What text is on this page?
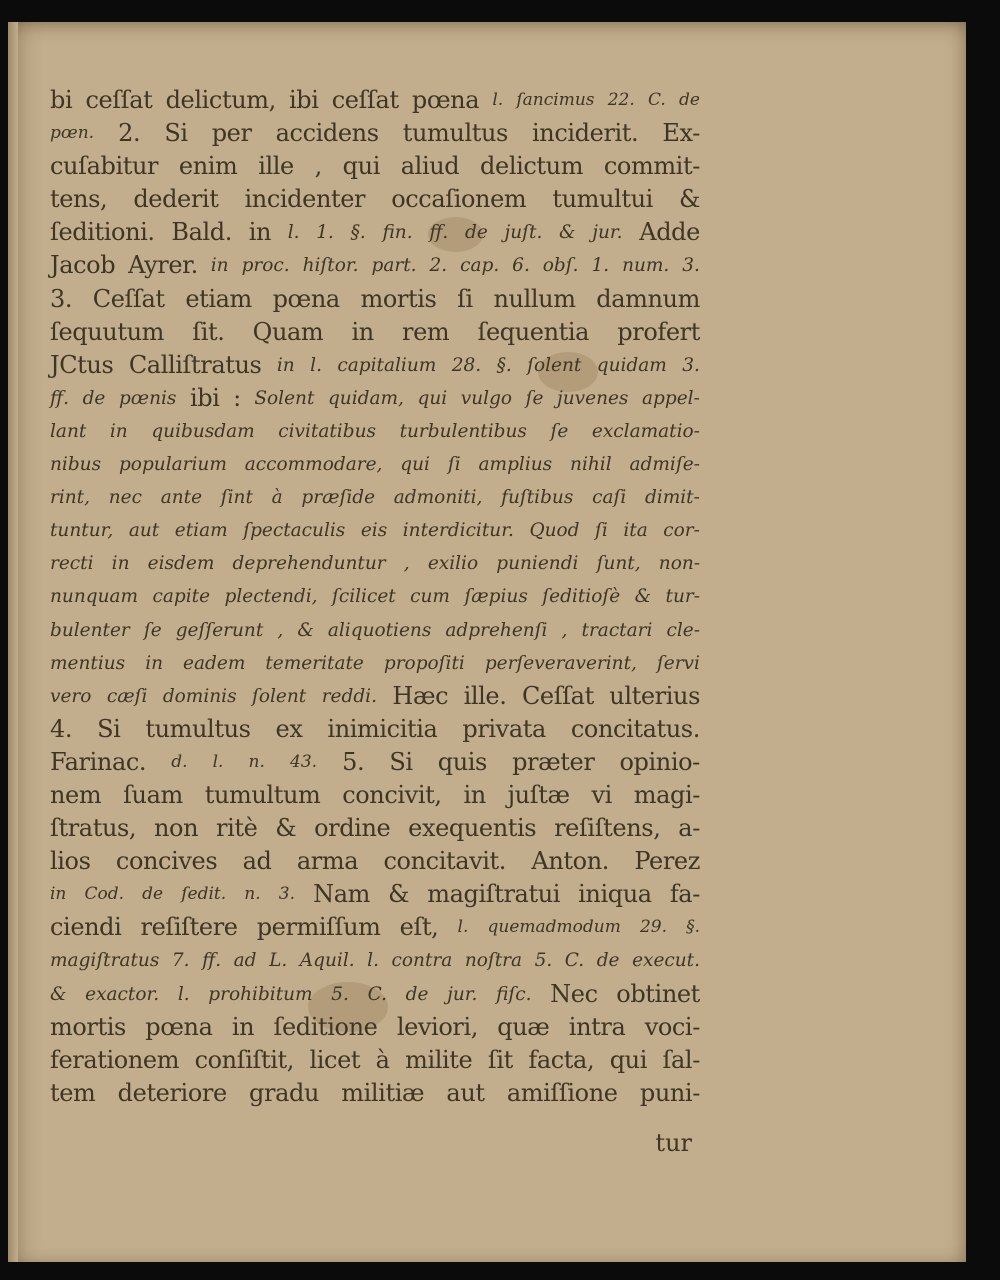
bi ceſſat delictum, ibi ceſſat pœna l. ſancimus 22. C. de
pœn. 2. Si per accidens tumultus inciderit. Ex-
cuſabitur enim ille , qui aliud delictum commit-
tens, dederit incidenter occaſionem tumultui &
ſeditioni. Bald. in l. 1. §. fin. ff. de juſt. & jur. Adde
Jacob Ayrer. in proc. hiſtor. part. 2. cap. 6. obſ. 1. num. 3.
3. Ceſſat etiam pœna mortis ſi nullum damnum
ſequutum ſit. Quam in rem ſequentia profert
JCtus Calliſtratus in l. capitalium 28. §. ſolent quidam 3.
ff. de pœnis ibi : Solent quidam, qui vulgo ſe juvenes appel-
lant in quibusdam civitatibus turbulentibus ſe exclamatio-
nibus popularium accommodare, qui ſi amplius nihil admiſe-
rint, nec ante ſint à præſide admoniti, fuſtibus caſi dimit-
tuntur, aut etiam ſpectaculis eis interdicitur. Quod ſi ita cor-
recti in eisdem deprehenduntur , exilio puniendi ſunt, non-
nunquam capite plectendi, ſcilicet cum ſæpius ſeditioſè & tur-
bulenter ſe geſſerunt , & aliquotiens adprehenſi , tractari cle-
mentius in eadem temeritate propoſiti perſeveraverint, ſervi
vero cæſi dominis ſolent reddi. Hæc ille. Ceſſat ulterius
4. Si tumultus ex inimicitia privata concitatus.
Farinac. d. l. n. 43. 5. Si quis præter opinio-
nem ſuam tumultum concivit, in juſtæ vi magi-
ſtratus, non ritè & ordine exequentis reſiſtens, a-
lios concives ad arma concitavit. Anton. Perez
in Cod. de ſedit. n. 3. Nam & magiſtratui iniqua fa-
ciendi reſiſtere permiſſum eſt, l. quemadmodum 29. §.
magiſtratus 7. ff. ad L. Aquil. l. contra noſtra 5. C. de execut.
& exactor. l. prohibitum 5. C. de jur. fiſc. Nec obtinet
mortis pœna in ſeditione leviori, quæ intra voci-
ferationem conſiſtit, licet à milite ſit facta, qui ſal-
tem deteriore gradu militiæ aut amiſſione puni-
tur
